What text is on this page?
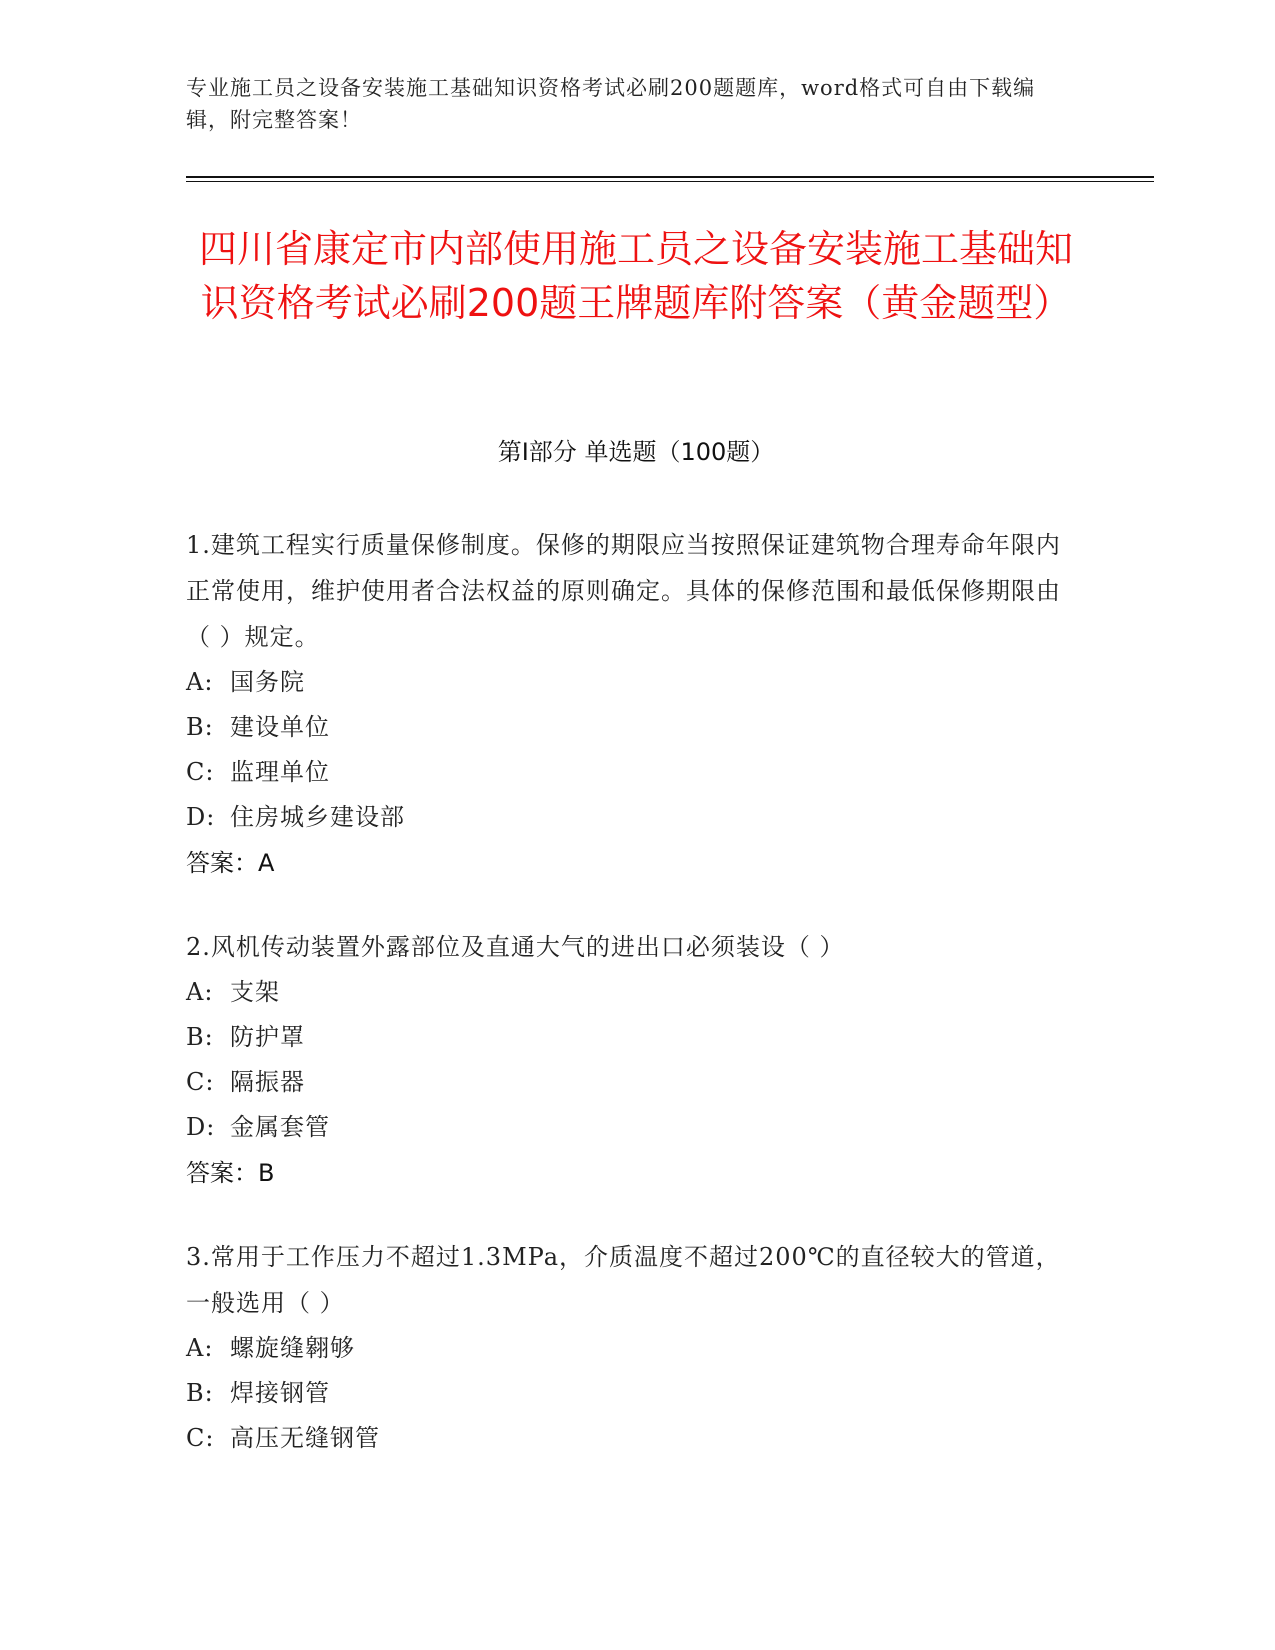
专业施工员之设备安装施工基础知识资格考试必刷200题题库，word格式可自由下载编辑，附完整答案！
四川省康定市内部使用施工员之设备安装施工基础知识资格考试必刷200题王牌题库附答案（黄金题型）
第Ⅰ部分 单选题（100题）
1.建筑工程实行质量保修制度。保修的期限应当按照保证建筑物合理寿命年限内正常使用，维护使用者合法权益的原则确定。具体的保修范围和最低保修期限由（ ）规定。
A: 国务院
B: 建设单位
C: 监理单位
D: 住房城乡建设部
答案：A
2.风机传动装置外露部位及直通大气的进出口必须装设（ ）
A: 支架
B: 防护罩
C: 隔振器
D: 金属套管
答案：B
3.常用于工作压力不超过1.3MPa，介质温度不超过200℃的直径较大的管道，一般选用（ ）
A: 螺旋缝翱够
B: 焊接钢管
C: 高压无缝钢管
